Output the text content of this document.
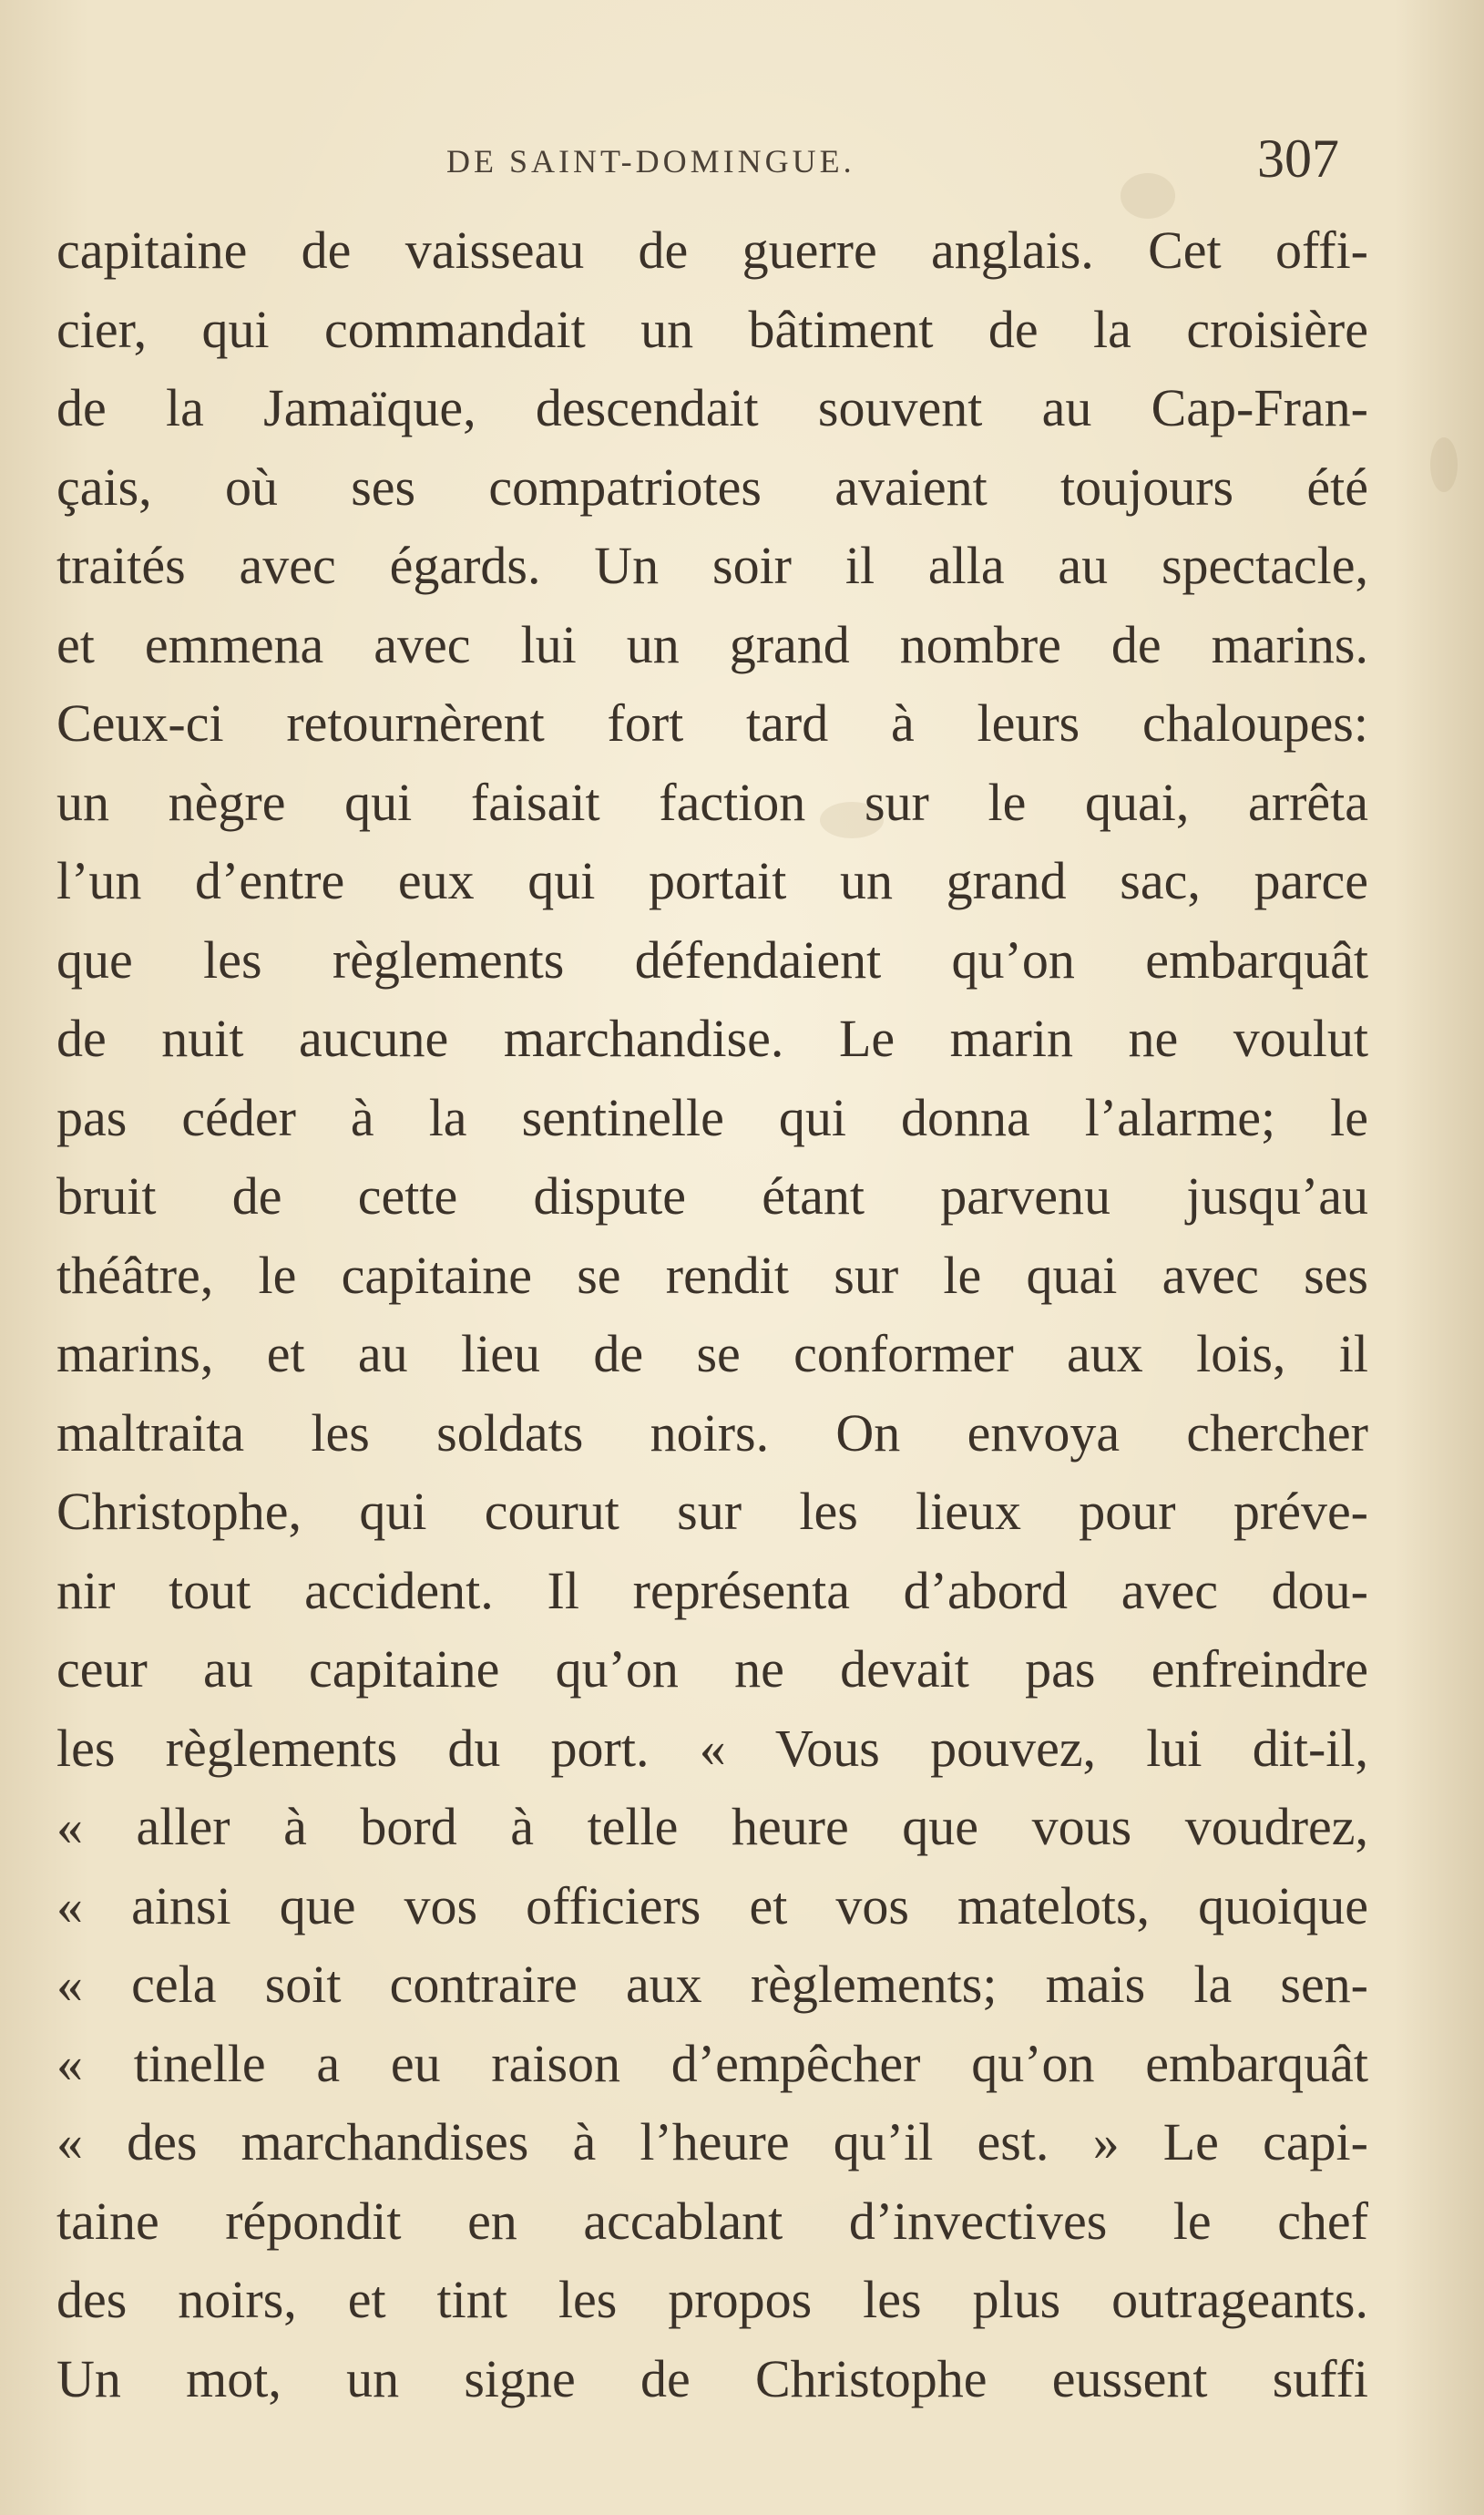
DE SAINT-DOMINGUE.	307
capitaine de vaisseau de guerre anglais. Cet offi-
cier, qui commandait un bâtiment de la croisière
de la Jamaïque, descendait souvent au Cap-Fran-
çais, où ses compatriotes avaient toujours été
traités avec égards. Un soir il alla au spectacle,
et emmena avec lui un grand nombre de marins.
Ceux-ci retournèrent fort tard à leurs chaloupes:
un nègre qui faisait faction sur le quai, arrêta
l’un d’entre eux qui portait un grand sac, parce
que les règlements défendaient qu’on embarquât
de nuit aucune marchandise. Le marin ne voulut
pas céder à la sentinelle qui donna l’alarme; le
bruit de cette dispute étant parvenu jusqu’au
théâtre, le capitaine se rendit sur le quai avec ses
marins, et au lieu de se conformer aux lois, il
maltraita les soldats noirs. On envoya chercher
Christophe, qui courut sur les lieux pour préve-
nir tout accident. Il représenta d’abord avec dou-
ceur au capitaine qu’on ne devait pas enfreindre
les règlements du port. « Vous pouvez, lui dit-il,
« aller à bord à telle heure que vous voudrez,
« ainsi que vos officiers et vos matelots, quoique
« cela soit contraire aux règlements; mais la sen-
« tinelle a eu raison d’empêcher qu’on embarquât
« des marchandises à l’heure qu’il est. » Le capi-
taine répondit en accablant d’invectives le chef
des noirs, et tint les propos les plus outrageants.
Un mot, un signe de Christophe eussent suffi
